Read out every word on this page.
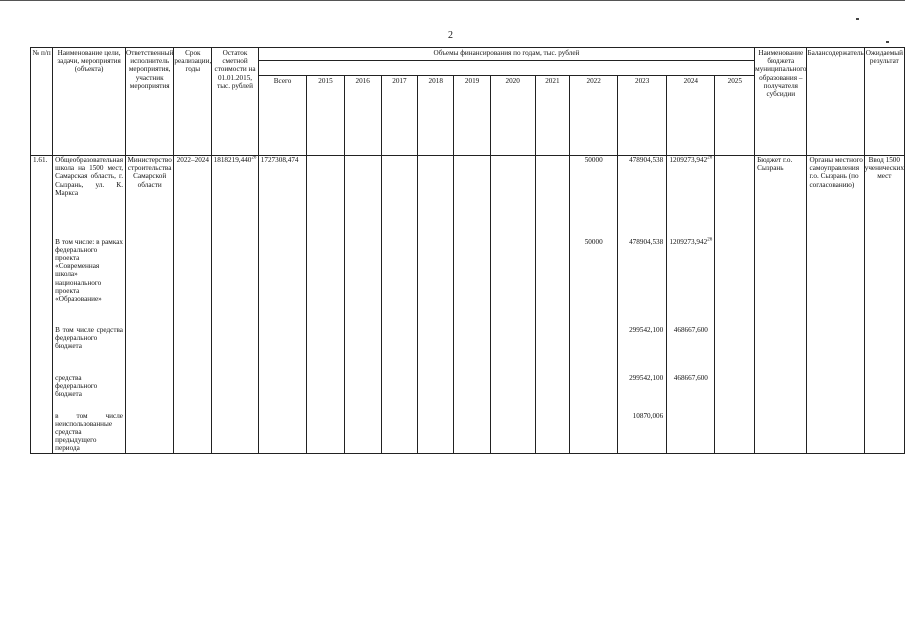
2
№ п/п	Наименование цели, задачи, мероприятия (объекта)	Ответственный исполнитель мероприятия, участник мероприятия	Срок реализации, годы	Остаток сметной стоимости на 01.01.2015, тыс. рублей	Объемы финансирования по годам, тыс. рублей												Наименование бюджета муниципального образования – получателя субсидии	Балансодержатель	Ожидаемый результат

					Всего	2015	2016	2017	2018	2019	2020	2021	2022	2023	2024	2025			
1.61.	Общеобразовательная школа на 1500 мест, Самарская область, г. Сызрань, ул. К. Маркса	Министерство строительства Самарской области	2022–2024	1818219,440$^{26}$	1727308,474								50000	478904,538	1209273,942$^{26}$		Бюджет г.о. Сызрань	Органы местного самоуправления г.о. Сызрань (по согласованию)	Ввод 1500 ученических мест
	В том числе: в рамках федерального проекта «Современная школа» национального проекта «Образование»												50000	478904,538	1209273,942$^{26}$				
	В том числе средства федерального бюджета													299542,100	468667,600				
	средства федерального бюджета													299542,100	468667,600				
	в том числе неиспользованные средства предыдущего периода													10870,006					
